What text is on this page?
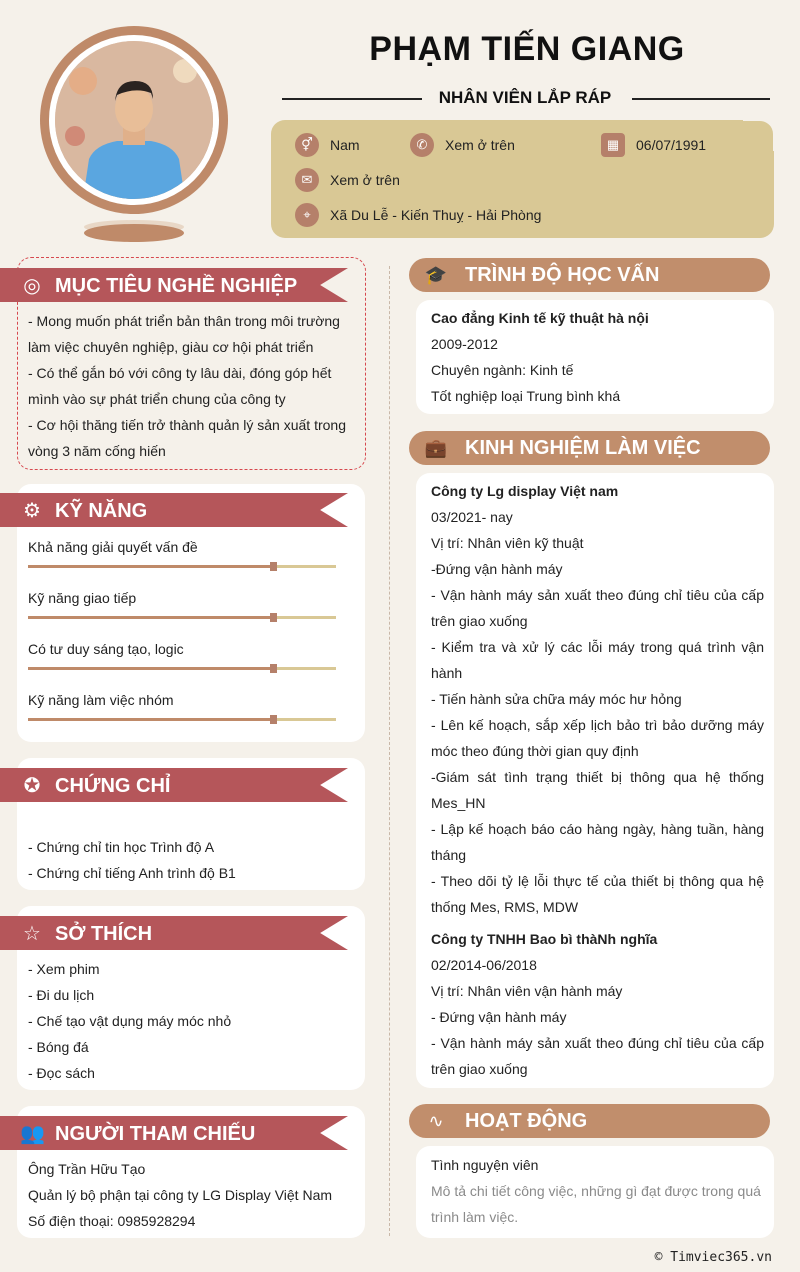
PHẠM TIẾN GIANG
NHÂN VIÊN LẮP RÁP
⚥	Nam	✆	Xem ở trên	▦	06/07/1991
✉	Xem ở trên
⌖	Xã Du Lễ - Kiến Thuỵ - Hải Phòng
◎ MỤC TIÊU NGHỀ NGHIỆP
- Mong muốn phát triển bản thân trong môi trường
làm việc chuyên nghiệp, giàu cơ hội phát triển
- Có thể gắn bó với công ty lâu dài, đóng góp hết
mình vào sự phát triển chung của công ty
- Cơ hội thăng tiến trở thành quản lý sản xuất trong
vòng 3 năm cống hiến
⚙ KỸ NĂNG
Khả năng giải quyết vấn đề
Kỹ năng giao tiếp
Có tư duy sáng tạo, logic
Kỹ năng làm việc nhóm
✪ CHỨNG CHỈ
- Chứng chỉ tin học Trình độ A
- Chứng chỉ tiếng Anh trình độ B1
☆ SỞ THÍCH
- Xem phim
- Đi du lịch
- Chế tạo vật dụng máy móc nhỏ
- Bóng đá
- Đọc sách
👥 NGƯỜI THAM CHIẾU
Ông Trần Hữu Tạo
Quản lý bộ phận tại công ty LG Display Việt Nam
Số điện thoại: 0985928294
🎓 TRÌNH ĐỘ HỌC VẤN
Cao đẳng Kinh tế kỹ thuật hà nội
2009-2012
Chuyên ngành: Kinh tế
Tốt nghiệp loại Trung bình khá
💼 KINH NGHIỆM LÀM VIỆC
Công ty Lg display Việt nam
03/2021- nay
Vị trí: Nhân viên kỹ thuật
-Đứng vận hành máy
- Vận hành máy sản xuất theo đúng chỉ tiêu của cấp trên giao xuống
- Kiểm tra và xử lý các lỗi máy trong quá trình vận hành
- Tiến hành sửa chữa máy móc hư hỏng
- Lên kế hoạch, sắp xếp lịch bảo trì bảo dưỡng máy móc theo đúng thời gian quy định
-Giám sát tình trạng thiết bị thông qua hệ thống Mes_HN
- Lập kế hoạch báo cáo hàng ngày, hàng tuần, hàng tháng
- Theo dõi tỷ lệ lỗi thực tế của thiết bị thông qua hệ thống Mes, RMS, MDW
Công ty TNHH Bao bì thàNh nghĩa
02/2014-06/2018
Vị trí: Nhân viên vận hành máy
- Đứng vận hành máy
- Vận hành máy sản xuất theo đúng chỉ tiêu của cấp trên giao xuống
∿ HOẠT ĐỘNG
Tình nguyện viên
Mô tả chi tiết công việc, những gì đạt được trong quá trình làm việc.
© Timviec365.vn
